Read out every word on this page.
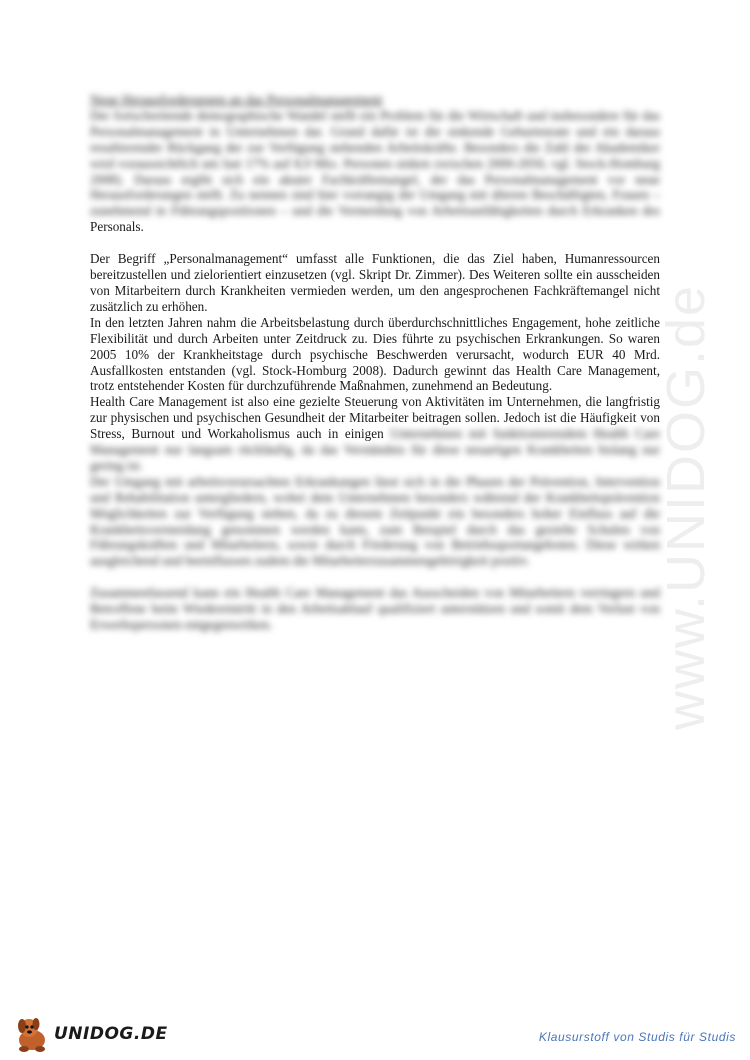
www.UNIDOG.de

Neue Herausforderungen an das Personalmanagement

Der fortschreitende demographische Wandel stellt ein Problem für die Wirtschaft und insbesondere für das Personalmanagement in Unternehmen dar. Grund dafür ist die sinkende Geburtenrate und ein daraus resultierender Rückgang der zur Verfügung stehenden Arbeitskräfte. Besonders die Zahl der Akademiker wird voraussichtlich um fast 17% auf 8,9 Mio. Personen sinken zwischen 2000-2050, vgl. Stock-Homburg 2008). Daraus ergibt sich ein akuter Fachkräftemangel, der das Personalmanagement vor neue Herausforderungen stellt. Zu nennen sind hier vorrangig der Umgang mit älteren Beschäftigten, Frauen – zunehmend in Führungspositionen – und die Vermeidung von Arbeitsunfähigkeiten durch Erkranken des Personals.

Der Begriff „Personalmanagement“ umfasst alle Funktionen, die das Ziel haben, Humanressourcen bereitzustellen und zielorientiert einzusetzen (vgl. Skript Dr. Zimmer). Des Weiteren sollte ein ausscheiden von Mitarbeitern durch Krankheiten vermieden werden, um den angesprochenen Fachkräftemangel nicht zusätzlich zu erhöhen.

In den letzten Jahren nahm die Arbeitsbelastung durch überdurchschnittliches Engagement, hohe zeitliche Flexibilität und durch Arbeiten unter Zeitdruck zu. Dies führte zu psychischen Erkrankungen. So waren 2005 10% der Krankheitstage durch psychische Beschwerden verursacht, wodurch EUR 40 Mrd. Ausfallkosten entstanden (vgl. Stock-Homburg 2008). Dadurch gewinnt das Health Care Management, trotz entstehender Kosten für durchzuführende Maßnahmen, zunehmend an Bedeutung.

Health Care Management ist also eine gezielte Steuerung von Aktivitäten im Unternehmen, die langfristig zur physischen und psychischen Gesundheit der Mitarbeiter beitragen sollen. Jedoch ist die Häufigkeit von Stress, Burnout und Workaholismus auch in einigen Unternehmen mit funktionierendem Health Care Management nur langsam rückläufig, da das Verständnis für diese neuartigen Krankheiten bislang nur gering ist.

Der Umgang mit arbeitsverursachten Erkrankungen lässt sich in die Phasen der Prävention, Intervention und Rehabilitation untergliedern, wobei dem Unternehmen besonders während der Krankheitsprävention Möglichkeiten zur Verfügung stehen, da zu diesem Zeitpunkt ein besonders hoher Einfluss auf die Krankheitsvermeidung genommen werden kann, zum Beispiel durch das gezielte Schulen von Führungskräften und Mitarbeitern, sowie durch Förderung von Betriebssportangeboten. Diese wirken ausgleichend und beeinflussen zudem die Mitarbeiterzusammengehörigkeit positiv.

Zusammenfassend kann ein Health Care Management das Ausscheiden von Mitarbeitern verringern und Betroffene beim Wiedereintritt in den Arbeitsablauf qualifiziert unterstützen und somit dem Verlust von Erwerbspersonen entgegenwirken.

UNIDOG.DE	Klausurstoff von Studis für Studis
